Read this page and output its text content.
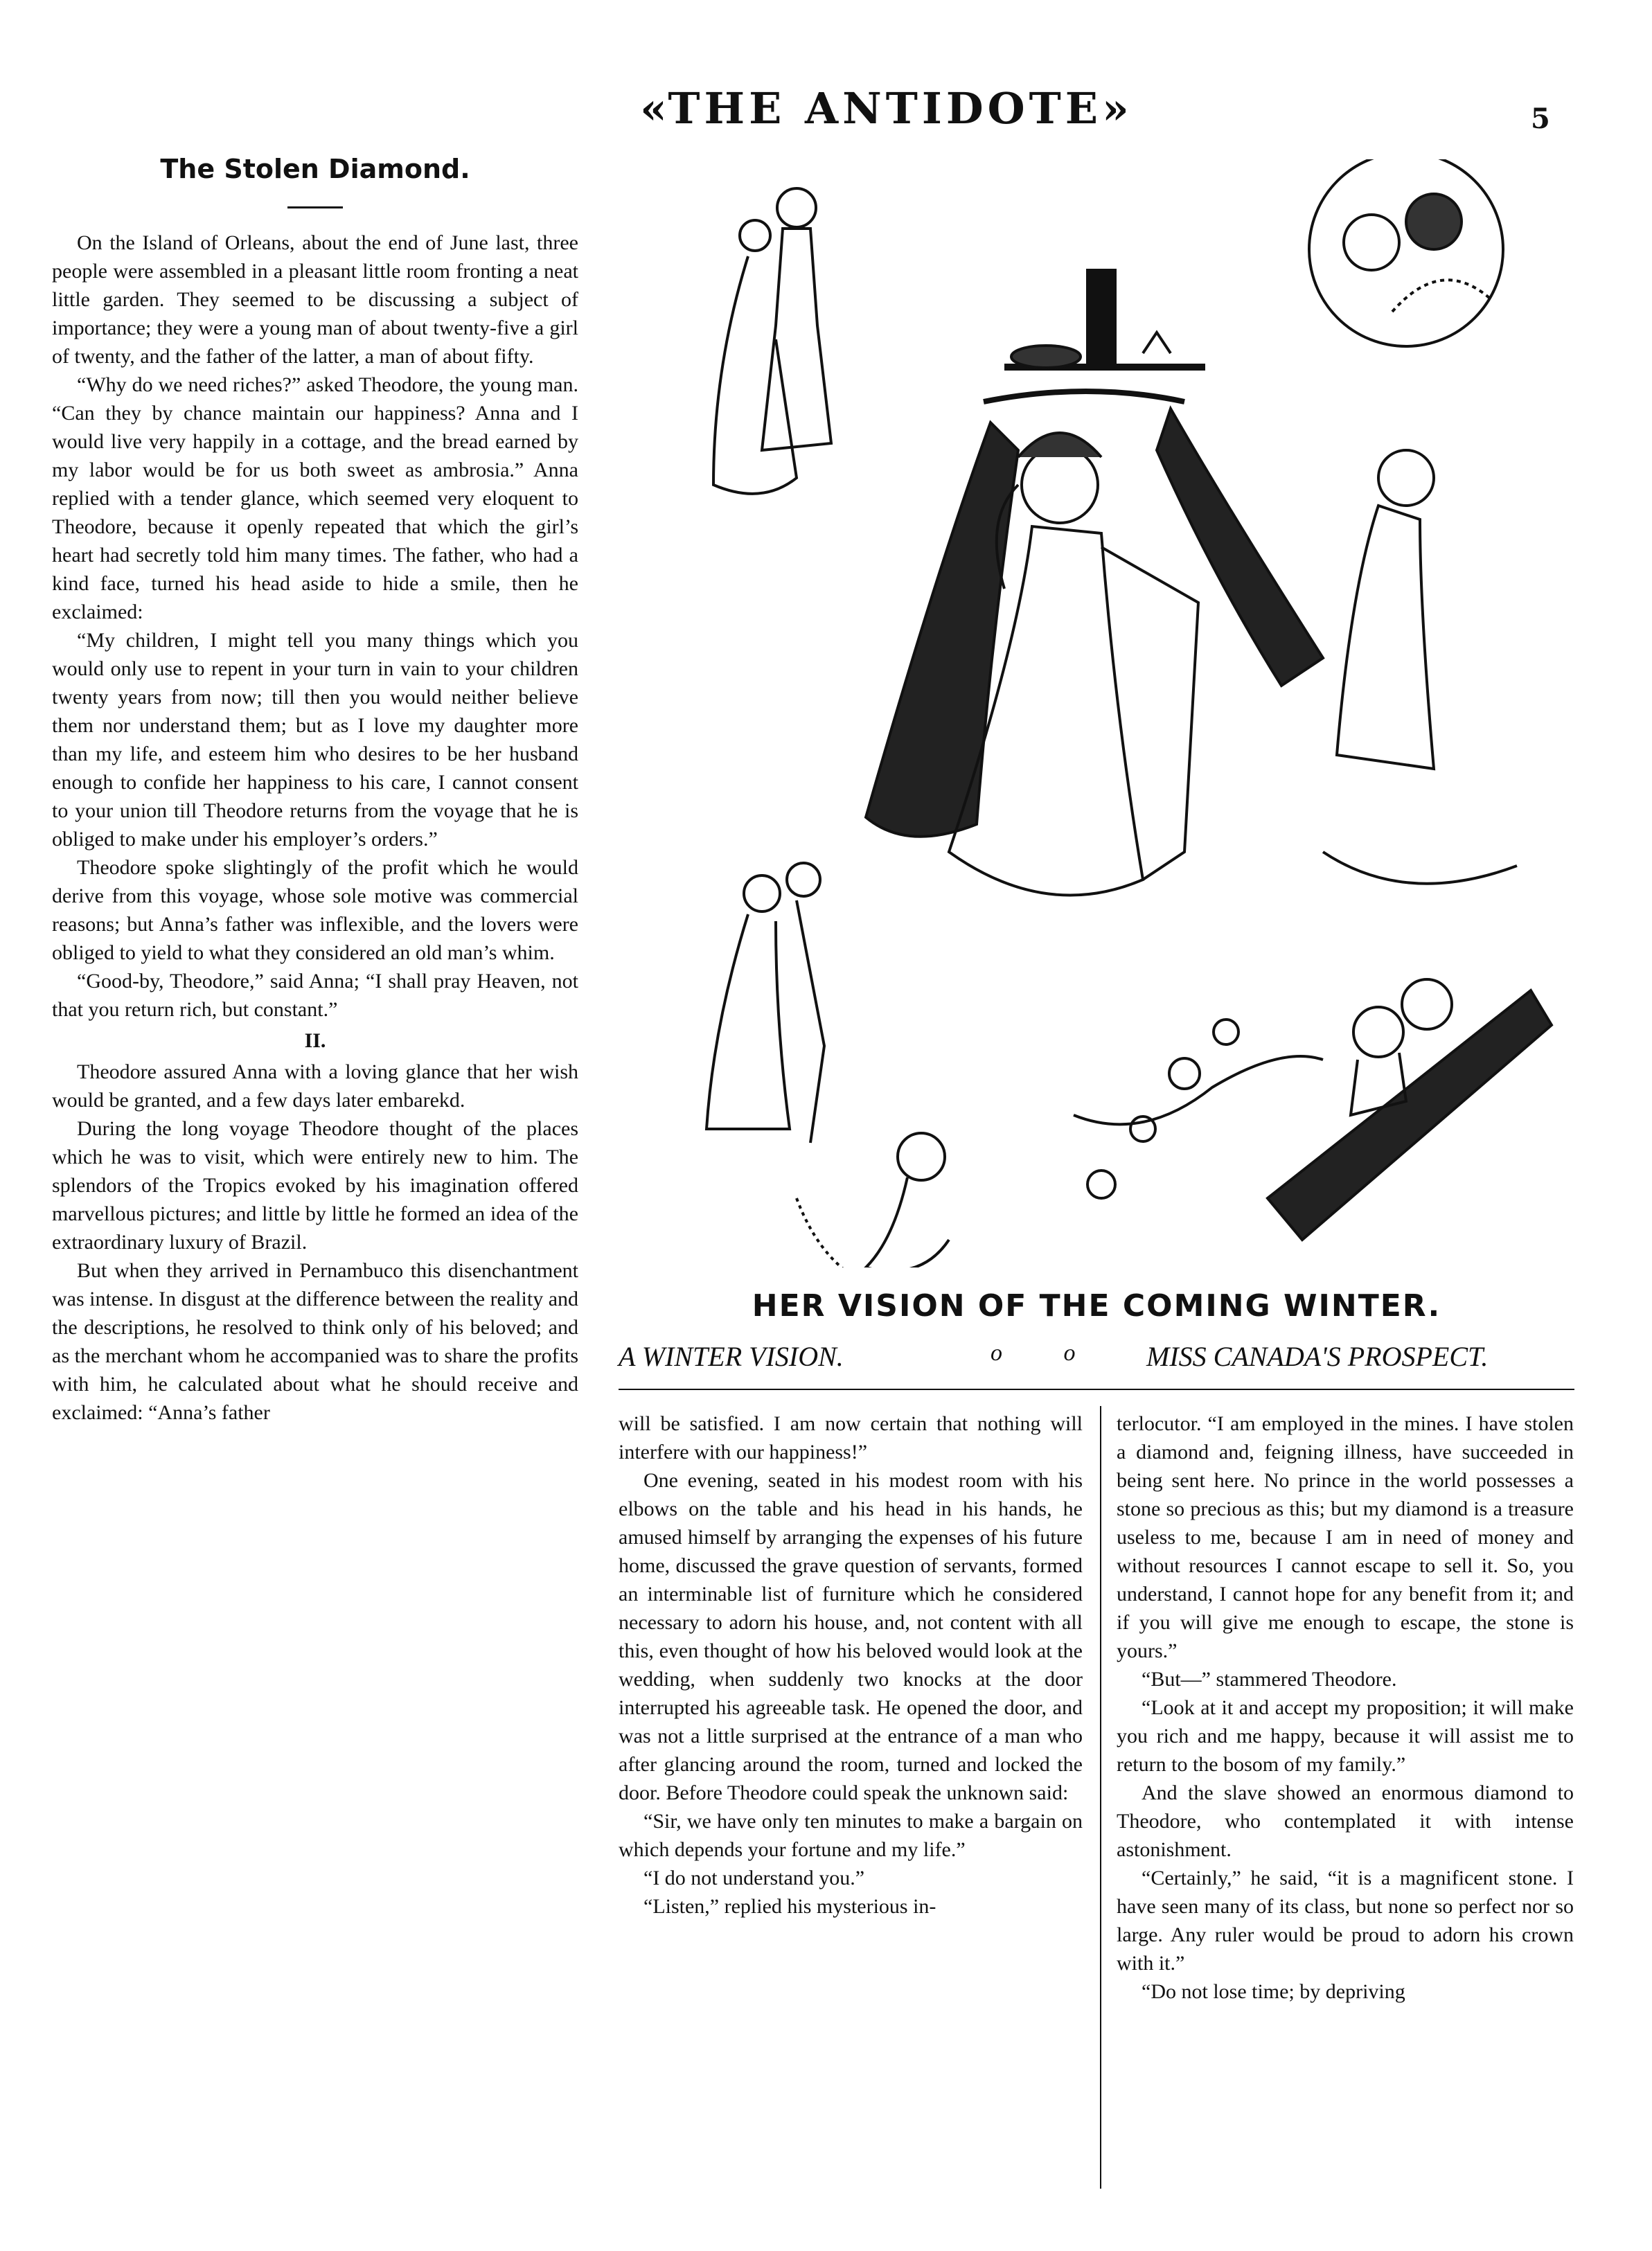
«THE ANTIDOTE»	5
The Stolen Diamond.

On the Island of Orleans, about the end of June last, three people were assembled in a pleasant little room fronting a neat little garden. They seemed to be discussing a subject of importance; they were a young man of about twenty-five a girl of twenty, and the father of the latter, a man of about fifty.

“Why do we need riches?” asked Theodore, the young man. “Can they by chance maintain our happiness? Anna and I would live very happily in a cottage, and the bread earned by my labor would be for us both sweet as ambrosia.” Anna replied with a tender glance, which seemed very eloquent to Theodore, because it openly repeated that which the girl’s heart had secretly told him many times. The father, who had a kind face, turned his head aside to hide a smile, then he exclaimed:

“My children, I might tell you many things which you would only use to repent in your turn in vain to your children twenty years from now; till then you would neither believe them nor understand them; but as I love my daughter more than my life, and esteem him who desires to be her husband enough to confide her happiness to his care, I cannot consent to your union till Theodore returns from the voyage that he is obliged to make under his employer’s orders.”

Theodore spoke slightingly of the profit which he would derive from this voyage, whose sole motive was commercial reasons; but Anna’s father was inflexible, and the lovers were obliged to yield to what they considered an old man’s whim.

“Good-by, Theodore,” said Anna; “I shall pray Heaven, not that you return rich, but constant.”

II.

Theodore assured Anna with a loving glance that her wish would be granted, and a few days later embarekd.

During the long voyage Theodore thought of the places which he was to visit, which were entirely new to him. The splendors of the Tropics evoked by his imagination offered marvellous pictures; and little by little he formed an idea of the extraordinary luxury of Brazil.

But when they arrived in Pernambuco this disenchantment was intense. In disgust at the difference between the reality and the descriptions, he resolved to think only of his beloved; and as the merchant whom he accompanied was to share the profits with him, he calculated about what he should receive and exclaimed: “Anna’s father

HER VISION OF THE COMING WINTER.
A WINTER VISION.	o o MISS CANADA'S PROSPECT.

will be satisfied. I am now certain that nothing will interfere with our happiness!”

One evening, seated in his modest room with his elbows on the table and his head in his hands, he amused himself by arranging the expenses of his future home, discussed the grave question of servants, formed an interminable list of furniture which he considered necessary to adorn his house, and, not content with all this, even thought of how his beloved would look at the wedding, when suddenly two knocks at the door interrupted his agreeable task. He opened the door, and was not a little surprised at the entrance of a man who after glancing around the room, turned and locked the door. Before Theodore could speak the unknown said:

“Sir, we have only ten minutes to make a bargain on which depends your fortune and my life.”

“I do not understand you.”

“Listen,” replied his mysterious in-

terlocutor. “I am employed in the mines. I have stolen a diamond and, feigning illness, have succeeded in being sent here. No prince in the world possesses a stone so precious as this; but my diamond is a treasure useless to me, because I am in need of money and without resources I cannot escape to sell it. So, you understand, I cannot hope for any benefit from it; and if you will give me enough to escape, the stone is yours.”

“But—” stammered Theodore.

“Look at it and accept my proposition; it will make you rich and me happy, because it will assist me to return to the bosom of my family.”

And the slave showed an enormous diamond to Theodore, who contemplated it with intense astonishment.

“Certainly,” he said, “it is a magnificent stone. I have seen many of its class, but none so perfect nor so large. Any ruler would be proud to adorn his crown with it.”

“Do not lose time; by depriving
